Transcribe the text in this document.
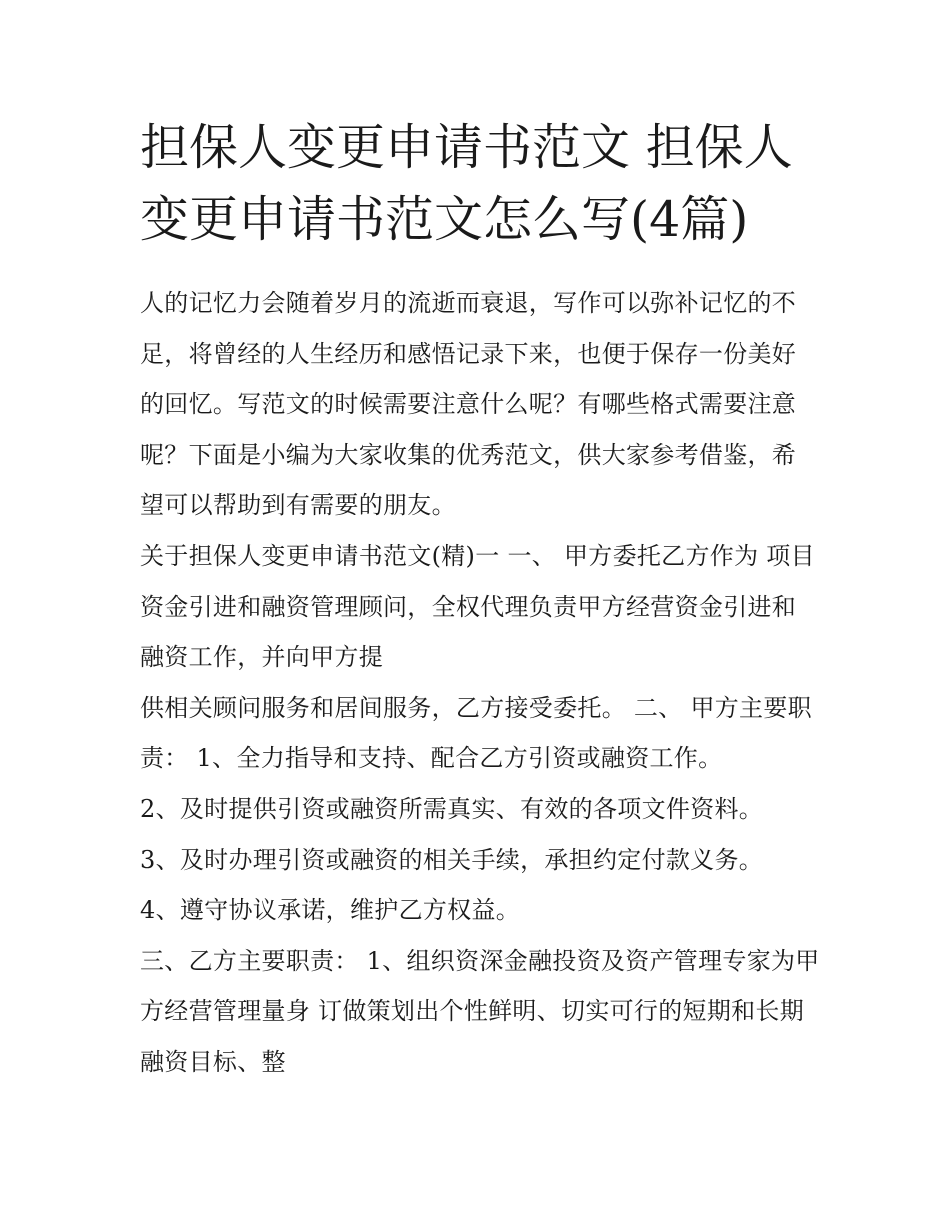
担保人变更申请书范文 担保人变更申请书范文怎么写(4篇)

人的记忆力会随着岁月的流逝而衰退，写作可以弥补记忆的不足，将曾经的人生经历和感悟记录下来，也便于保存一份美好的回忆。写范文的时候需要注意什么呢？有哪些格式需要注意呢？下面是小编为大家收集的优秀范文，供大家参考借鉴，希望可以帮助到有需要的朋友。

关于担保人变更申请书范文(精)一 一、 甲方委托乙方作为 项目资金引进和融资管理顾问，全权代理负责甲方经营资金引进和融资工作，并向甲方提

供相关顾问服务和居间服务，乙方接受委托。 二、 甲方主要职责： 1、全力指导和支持、配合乙方引资或融资工作。

2、及时提供引资或融资所需真实、有效的各项文件资料。

3、及时办理引资或融资的相关手续，承担约定付款义务。

4、遵守协议承诺，维护乙方权益。

三、乙方主要职责： 1、组织资深金融投资及资产管理专家为甲方经营管理量身 订做策划出个性鲜明、切实可行的短期和长期融资目标、整
